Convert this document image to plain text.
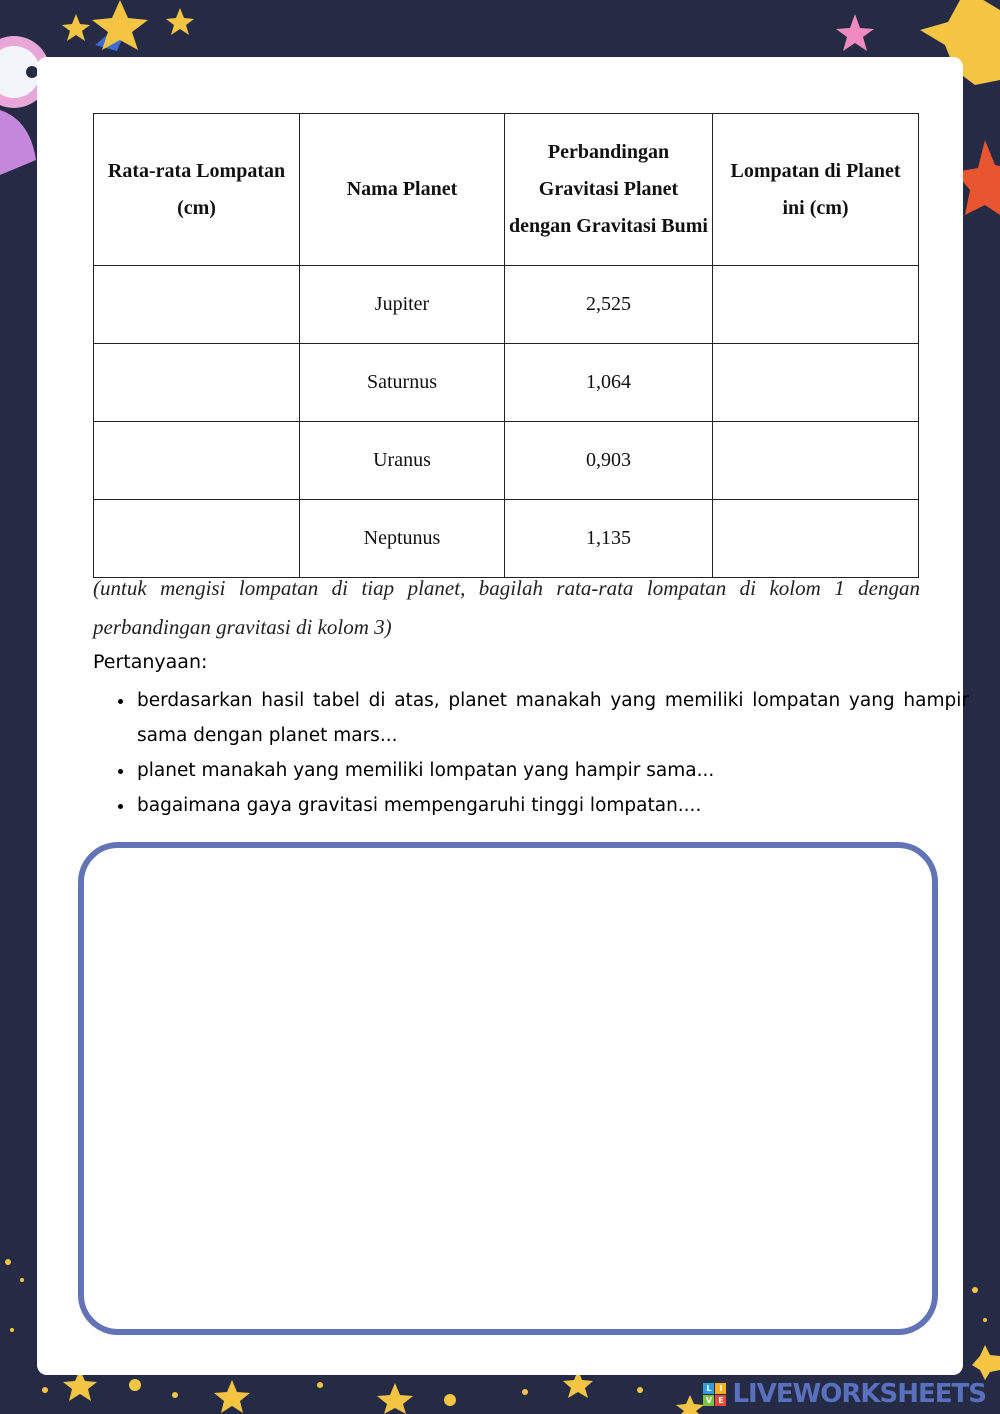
Rata-rata Lompatan (cm)	Nama Planet	Perbandingan Gravitasi Planet dengan Gravitasi Bumi	Lompatan di Planet ini (cm)
	Jupiter	2,525	
	Saturnus	1,064	
	Uranus	0,903	
	Neptunus	1,135	
(untuk mengisi lompatan di tiap planet, bagilah rata-rata lompatan di kolom 1 dengan perbandingan gravitasi di kolom 3)
Pertanyaan:
• berdasarkan hasil tabel di atas, planet manakah yang memiliki lompatan yang hampir sama dengan planet mars...
• planet manakah yang memiliki lompatan yang hampir sama...
• bagaimana gaya gravitasi mempengaruhi tinggi lompatan....
L I
V E LIVEWORKSHEETS
